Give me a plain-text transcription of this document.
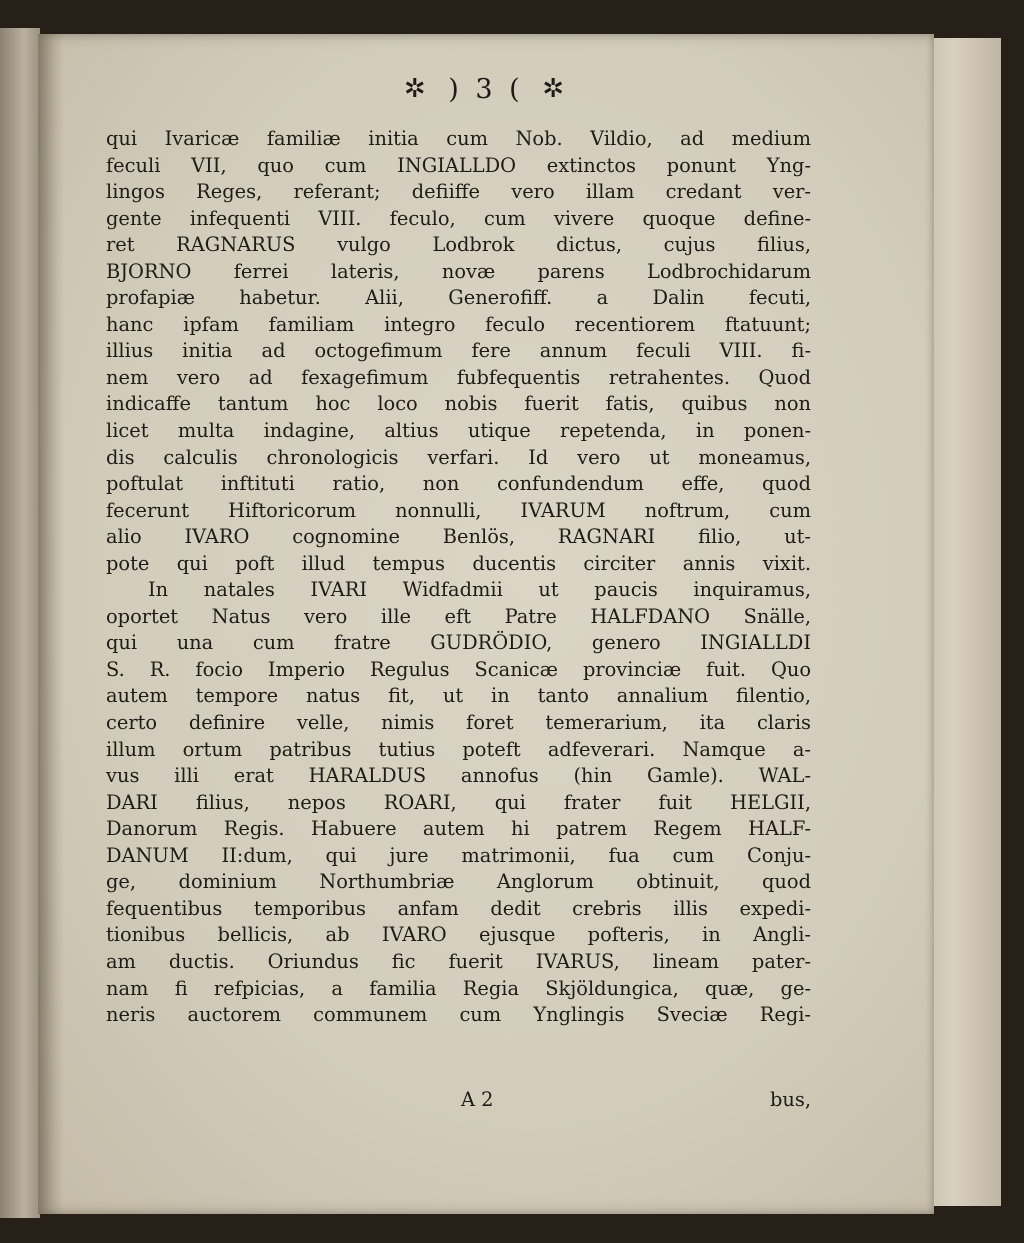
✲ ) 3 ( ✲
qui Ivaricæ familiæ initia cum Nob. Vildio, ad medium
feculi VII, quo cum INGIALLDO extinctos ponunt Yng-
lingos Reges, referant; defiiffe vero illam credant ver-
gente infequenti VIII. feculo, cum vivere quoque define-
ret RAGNARUS vulgo Lodbrok dictus, cujus filius,
BJORNO ferrei lateris, novæ parens Lodbrochidarum
profapiæ habetur. Alii, Generofiff. a Dalin fecuti,
hanc ipfam familiam integro feculo recentiorem ftatuunt;
illius initia ad octogefimum fere annum feculi VIII. fi-
nem vero ad fexagefimum fubfequentis retrahentes. Quod
indicaffe tantum hoc loco nobis fuerit fatis, quibus non
licet multa indagine, altius utique repetenda, in ponen-
dis calculis chronologicis verfari. Id vero ut moneamus,
poftulat inftituti ratio, non confundendum effe, quod
fecerunt Hiftoricorum nonnulli, IVARUM noftrum, cum
alio IVARO cognomine Benlös, RAGNARI filio, ut-
pote qui poft illud tempus ducentis circiter annis vixit.
In natales IVARI Widfadmii ut paucis inquiramus,
oportet Natus vero ille eft Patre HALFDANO Snälle,
qui una cum fratre GUDRÖDIO, genero INGIALLDI
S. R. focio Imperio Regulus Scanicæ provinciæ fuit. Quo
autem tempore natus fit, ut in tanto annalium filentio,
certo definire velle, nimis foret temerarium, ita claris
illum ortum patribus tutius poteft adfeverari. Namque a-
vus illi erat HARALDUS annofus (hin Gamle). WAL-
DARI filius, nepos ROARI, qui frater fuit HELGII,
Danorum Regis. Habuere autem hi patrem Regem HALF-
DANUM II:dum, qui jure matrimonii, fua cum Conju-
ge, dominium Northumbriæ Anglorum obtinuit, quod
fequentibus temporibus anfam dedit crebris illis expedi-
tionibus bellicis, ab IVARO ejusque pofteris, in Angli-
am ductis. Oriundus fic fuerit IVARUS, lineam pater-
nam fi refpicias, a familia Regia Skjöldungica, quæ, ge-
neris auctorem communem cum Ynglingis Sveciæ Regi-
A 2	bus,
